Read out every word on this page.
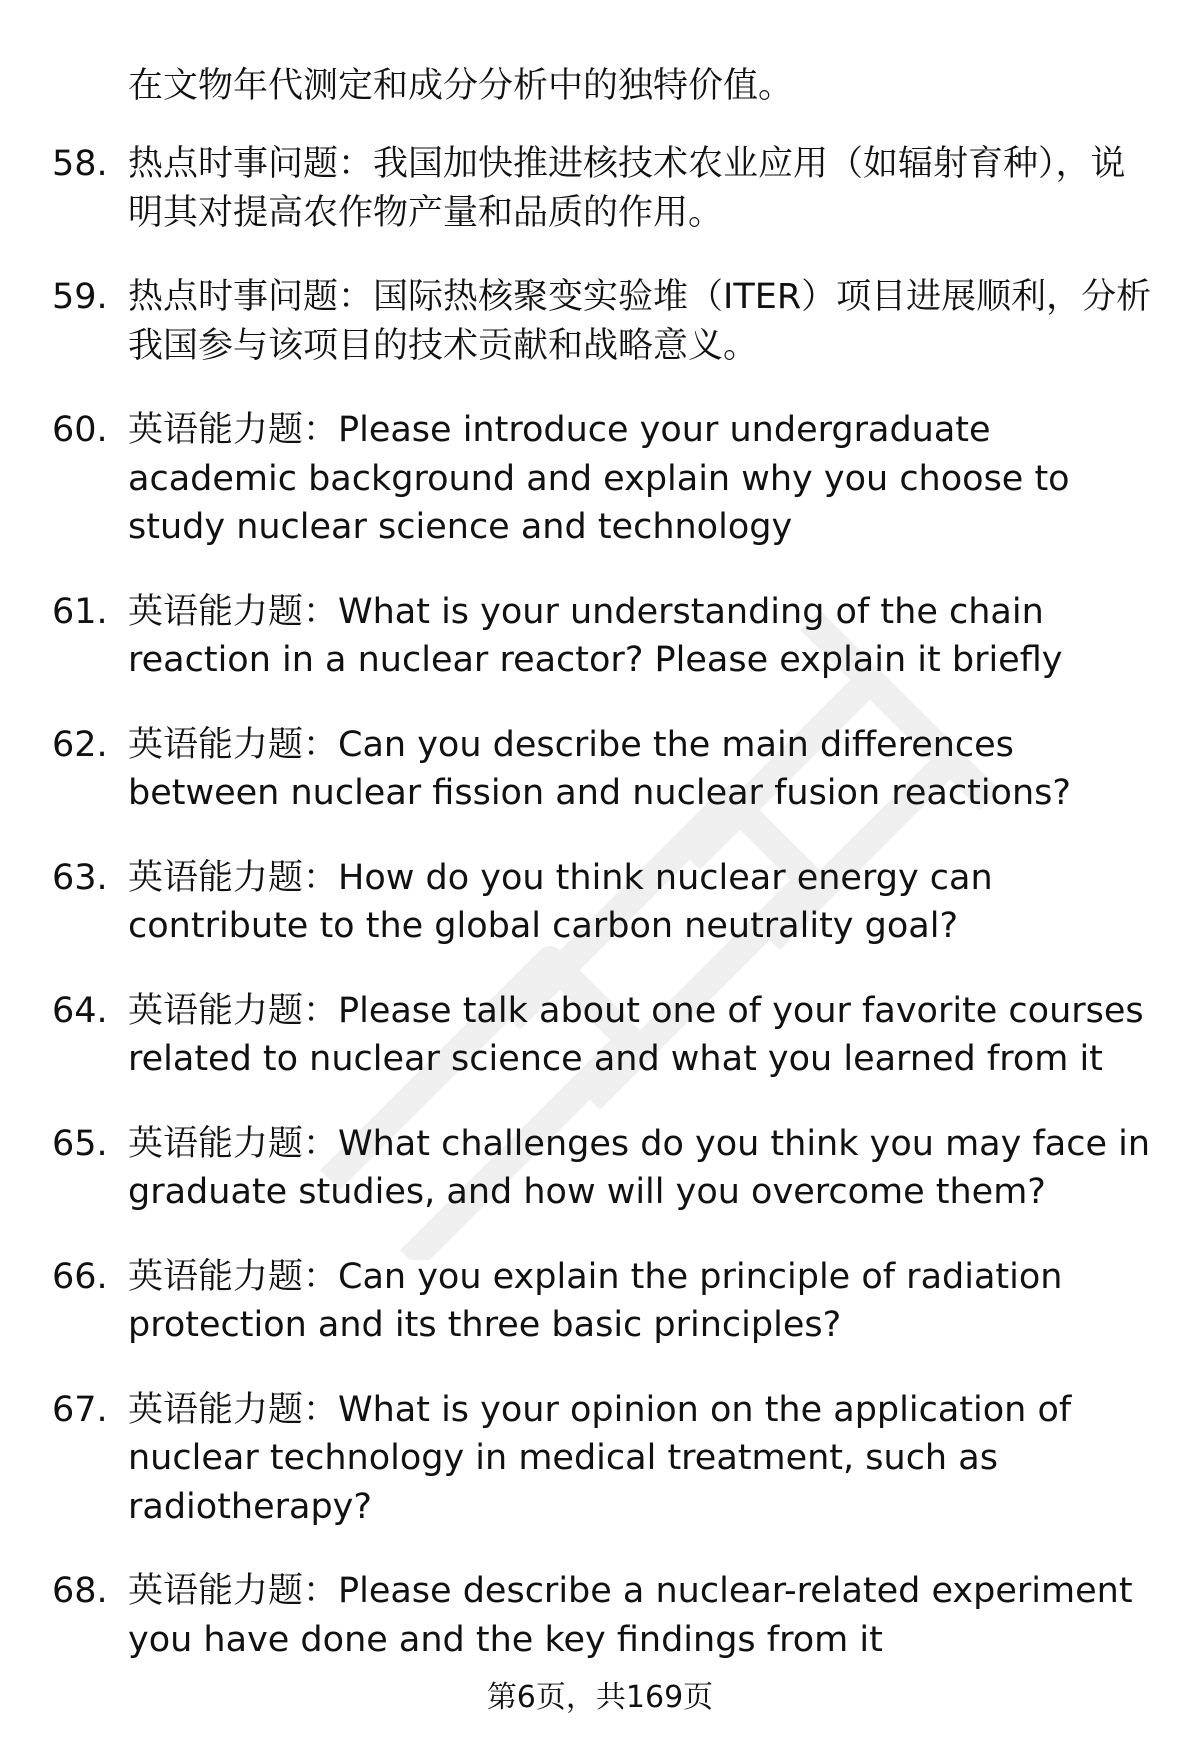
在文物年代测定和成分分析中的独特价值。
58. 热点时事问题：我国加快推进核技术农业应用（如辐射育种），说明其对提高农作物产量和品质的作用。
59. 热点时事问题：国际热核聚变实验堆（ITER）项目进展顺利，分析我国参与该项目的技术贡献和战略意义。
60. 英语能力题：Please introduce your undergraduate academic background and explain why you choose to study nuclear science and technology
61. 英语能力题：What is your understanding of the chain reaction in a nuclear reactor? Please explain it briefly
62. 英语能力题：Can you describe the main differences between nuclear fission and nuclear fusion reactions?
63. 英语能力题：How do you think nuclear energy can contribute to the global carbon neutrality goal?
64. 英语能力题：Please talk about one of your favorite courses related to nuclear science and what you learned from it
65. 英语能力题：What challenges do you think you may face in graduate studies, and how will you overcome them?
66. 英语能力题：Can you explain the principle of radiation protection and its three basic principles?
67. 英语能力题：What is your opinion on the application of nuclear technology in medical treatment, such as radiotherapy?
68. 英语能力题：Please describe a nuclear-related experiment you have done and the key findings from it
第6页，共169页
